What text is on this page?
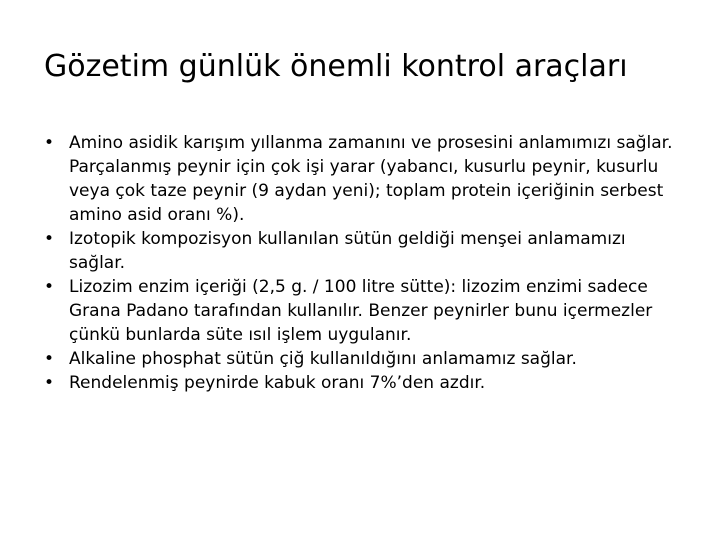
Gözetim günlük önemli kontrol araçları
• Amino asidik karışım yıllanma zamanını ve prosesini anlamımızı sağlar. Parçalanmış peynir için çok işi yarar (yabancı, kusurlu peynir, kusurlu veya çok taze peynir (9 aydan yeni); toplam protein içeriğinin serbest amino asid oranı %).
• Izotopik kompozisyon kullanılan sütün geldiği menşei anlamamızı sağlar.
• Lizozim enzim içeriği (2,5 g. / 100 litre sütte): lizozim enzimi sadece Grana Padano tarafından kullanılır. Benzer peynirler bunu içermezler çünkü bunlarda süte ısıl işlem uygulanır.
• Alkaline phosphat sütün çiğ kullanıldığını anlamamız sağlar.
• Rendelenmiş peynirde kabuk oranı 7%’den azdır.
